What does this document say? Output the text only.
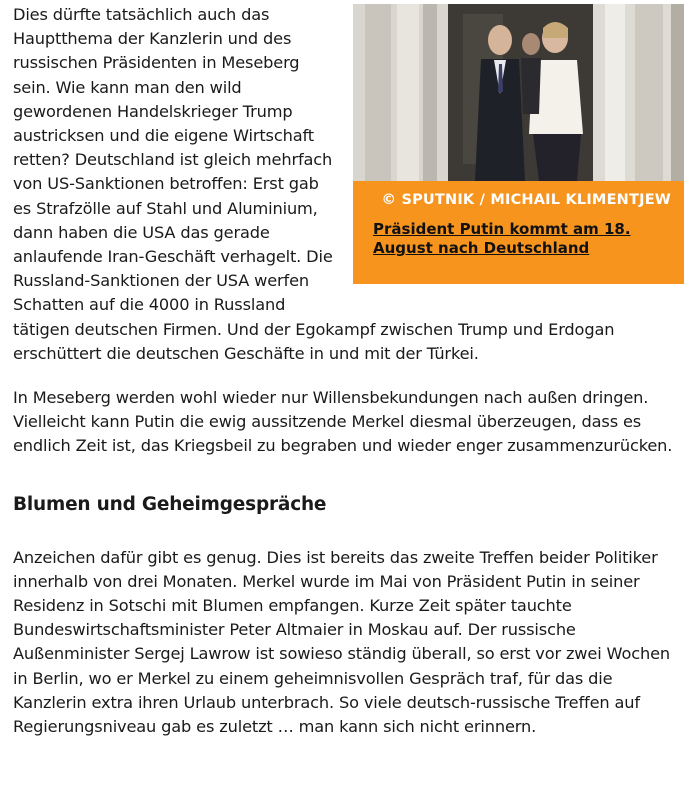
© SPUTNIK / MICHAIL KLIMENTJEW
Präsident Putin kommt am 18. August nach Deutschland

Dies dürfte tatsächlich auch das Hauptthema der Kanzlerin und des russischen Präsidenten in Meseberg sein. Wie kann man den wild gewordenen Handelskrieger Trump austricksen und die eigene Wirtschaft retten? Deutschland ist gleich mehrfach von US-Sanktionen betroffen: Erst gab es Strafzölle auf Stahl und Aluminium, dann haben die USA das gerade anlaufende Iran-Geschäft verhagelt. Die Russland-Sanktionen der USA werfen Schatten auf die 4000 in Russland tätigen deutschen Firmen. Und der Egokampf zwischen Trump und Erdogan erschüttert die deutschen Geschäfte in und mit der Türkei.

In Meseberg werden wohl wieder nur Willensbekundungen nach außen dringen. Vielleicht kann Putin die ewig aussitzende Merkel diesmal überzeugen, dass es endlich Zeit ist, das Kriegsbeil zu begraben und wieder enger zusammenzurücken.

Blumen und Geheimgespräche

Anzeichen dafür gibt es genug. Dies ist bereits das zweite Treffen beider Politiker innerhalb von drei Monaten. Merkel wurde im Mai von Präsident Putin in seiner Residenz in Sotschi mit Blumen empfangen. Kurze Zeit später tauchte Bundeswirtschaftsminister Peter Altmaier in Moskau auf. Der russische Außenminister Sergej Lawrow ist sowieso ständig überall, so erst vor zwei Wochen in Berlin, wo er Merkel zu einem geheimnisvollen Gespräch traf, für das die Kanzlerin extra ihren Urlaub unterbrach. So viele deutsch-russische Treffen auf Regierungsniveau gab es zuletzt … man kann sich nicht erinnern.
